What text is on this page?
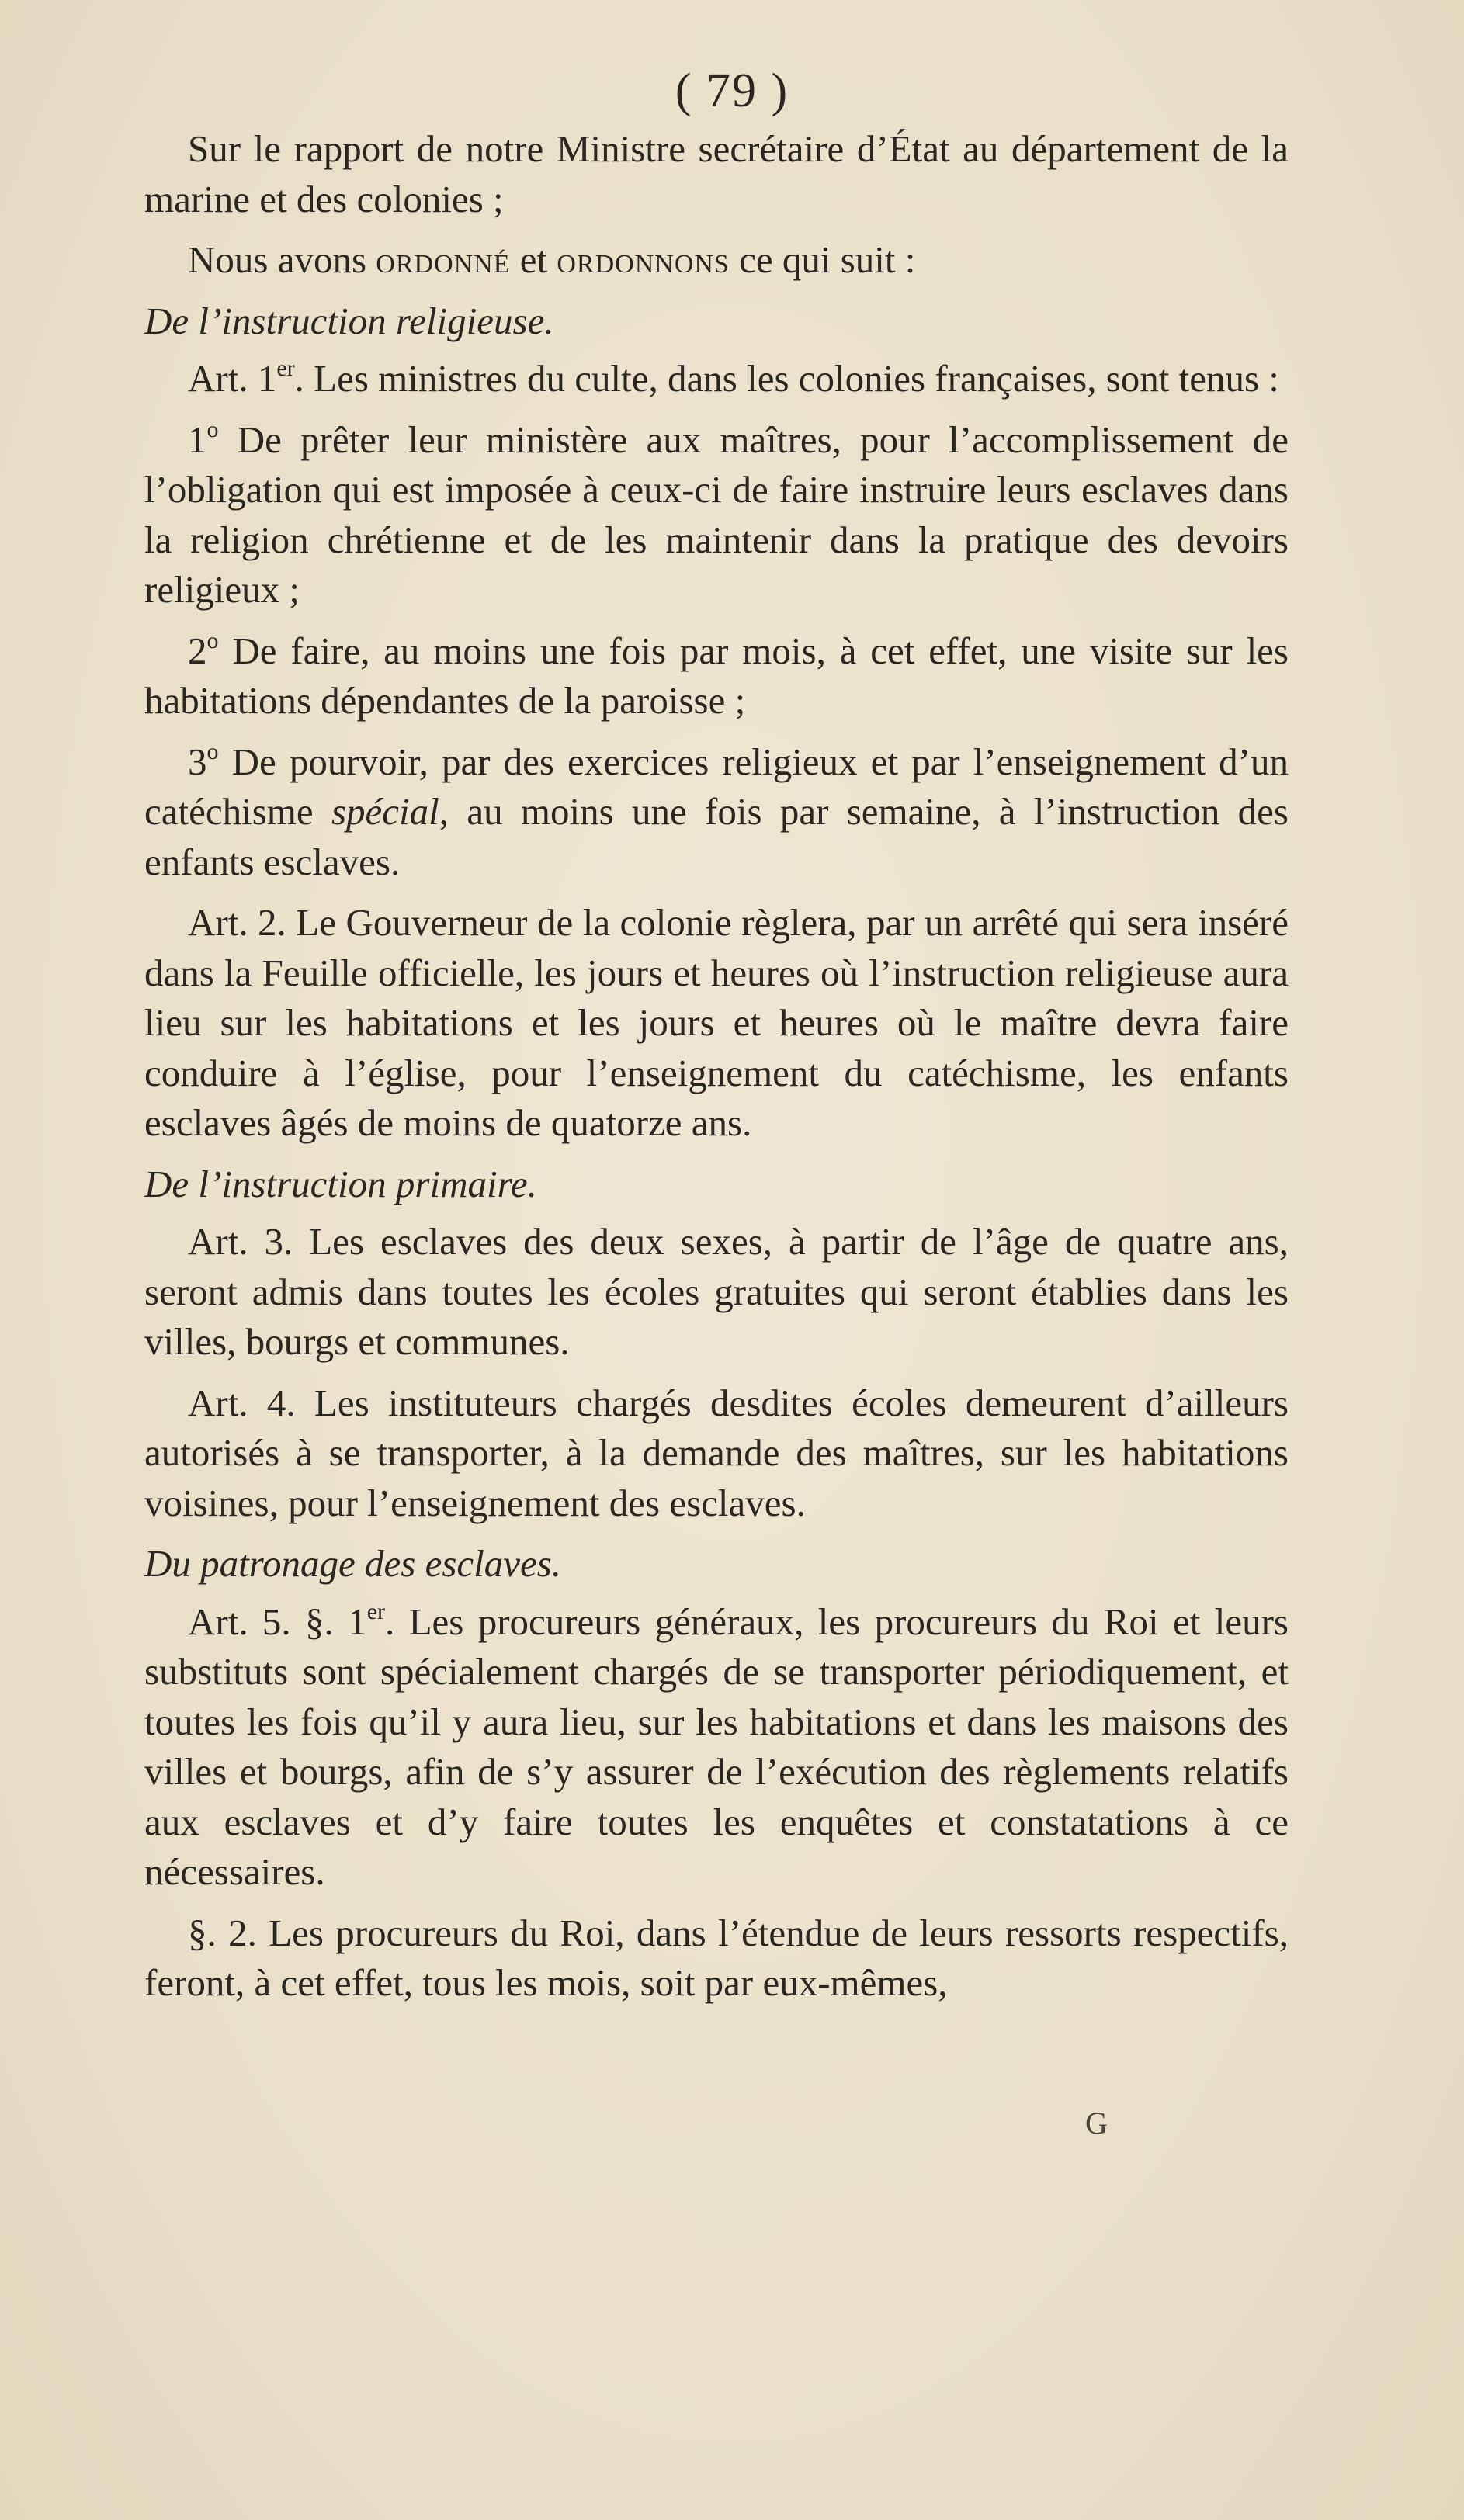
( 79 )

Sur le rapport de notre Ministre secrétaire d’État au département de la marine et des colonies ;

Nous avons ordonné et ordonnons ce qui suit :

De l’instruction religieuse.

Art. 1er. Les ministres du culte, dans les colonies françaises, sont tenus :

1$^o$ De prêter leur ministère aux maîtres, pour l’accomplissement de l’obligation qui est imposée à ceux-ci de faire instruire leurs esclaves dans la religion chrétienne et de les maintenir dans la pratique des devoirs religieux ;

2$^o$ De faire, au moins une fois par mois, à cet effet, une visite sur les habitations dépendantes de la paroisse ;

3$^o$ De pourvoir, par des exercices religieux et par l’enseignement d’un catéchisme spécial, au moins une fois par semaine, à l’instruction des enfants esclaves.

Art. 2. Le Gouverneur de la colonie règlera, par un arrêté qui sera inséré dans la Feuille officielle, les jours et heures où l’instruction religieuse aura lieu sur les habitations et les jours et heures où le maître devra faire conduire à l’église, pour l’enseignement du catéchisme, les enfants esclaves âgés de moins de quatorze ans.

De l’instruction primaire.

Art. 3. Les esclaves des deux sexes, à partir de l’âge de quatre ans, seront admis dans toutes les écoles gratuites qui seront établies dans les villes, bourgs et communes.

Art. 4. Les instituteurs chargés desdites écoles demeurent d’ailleurs autorisés à se transporter, à la demande des maîtres, sur les habitations voisines, pour l’enseignement des esclaves.

Du patronage des esclaves.

Art. 5. §. 1er. Les procureurs généraux, les procureurs du Roi et leurs substituts sont spécialement chargés de se transporter périodiquement, et toutes les fois qu’il y aura lieu, sur les habitations et dans les maisons des villes et bourgs, afin de s’y assurer de l’exécution des règlements relatifs aux esclaves et d’y faire toutes les enquêtes et constatations à ce nécessaires.

§. 2. Les procureurs du Roi, dans l’étendue de leurs ressorts respectifs, feront, à cet effet, tous les mois, soit par eux-mêmes,

G
